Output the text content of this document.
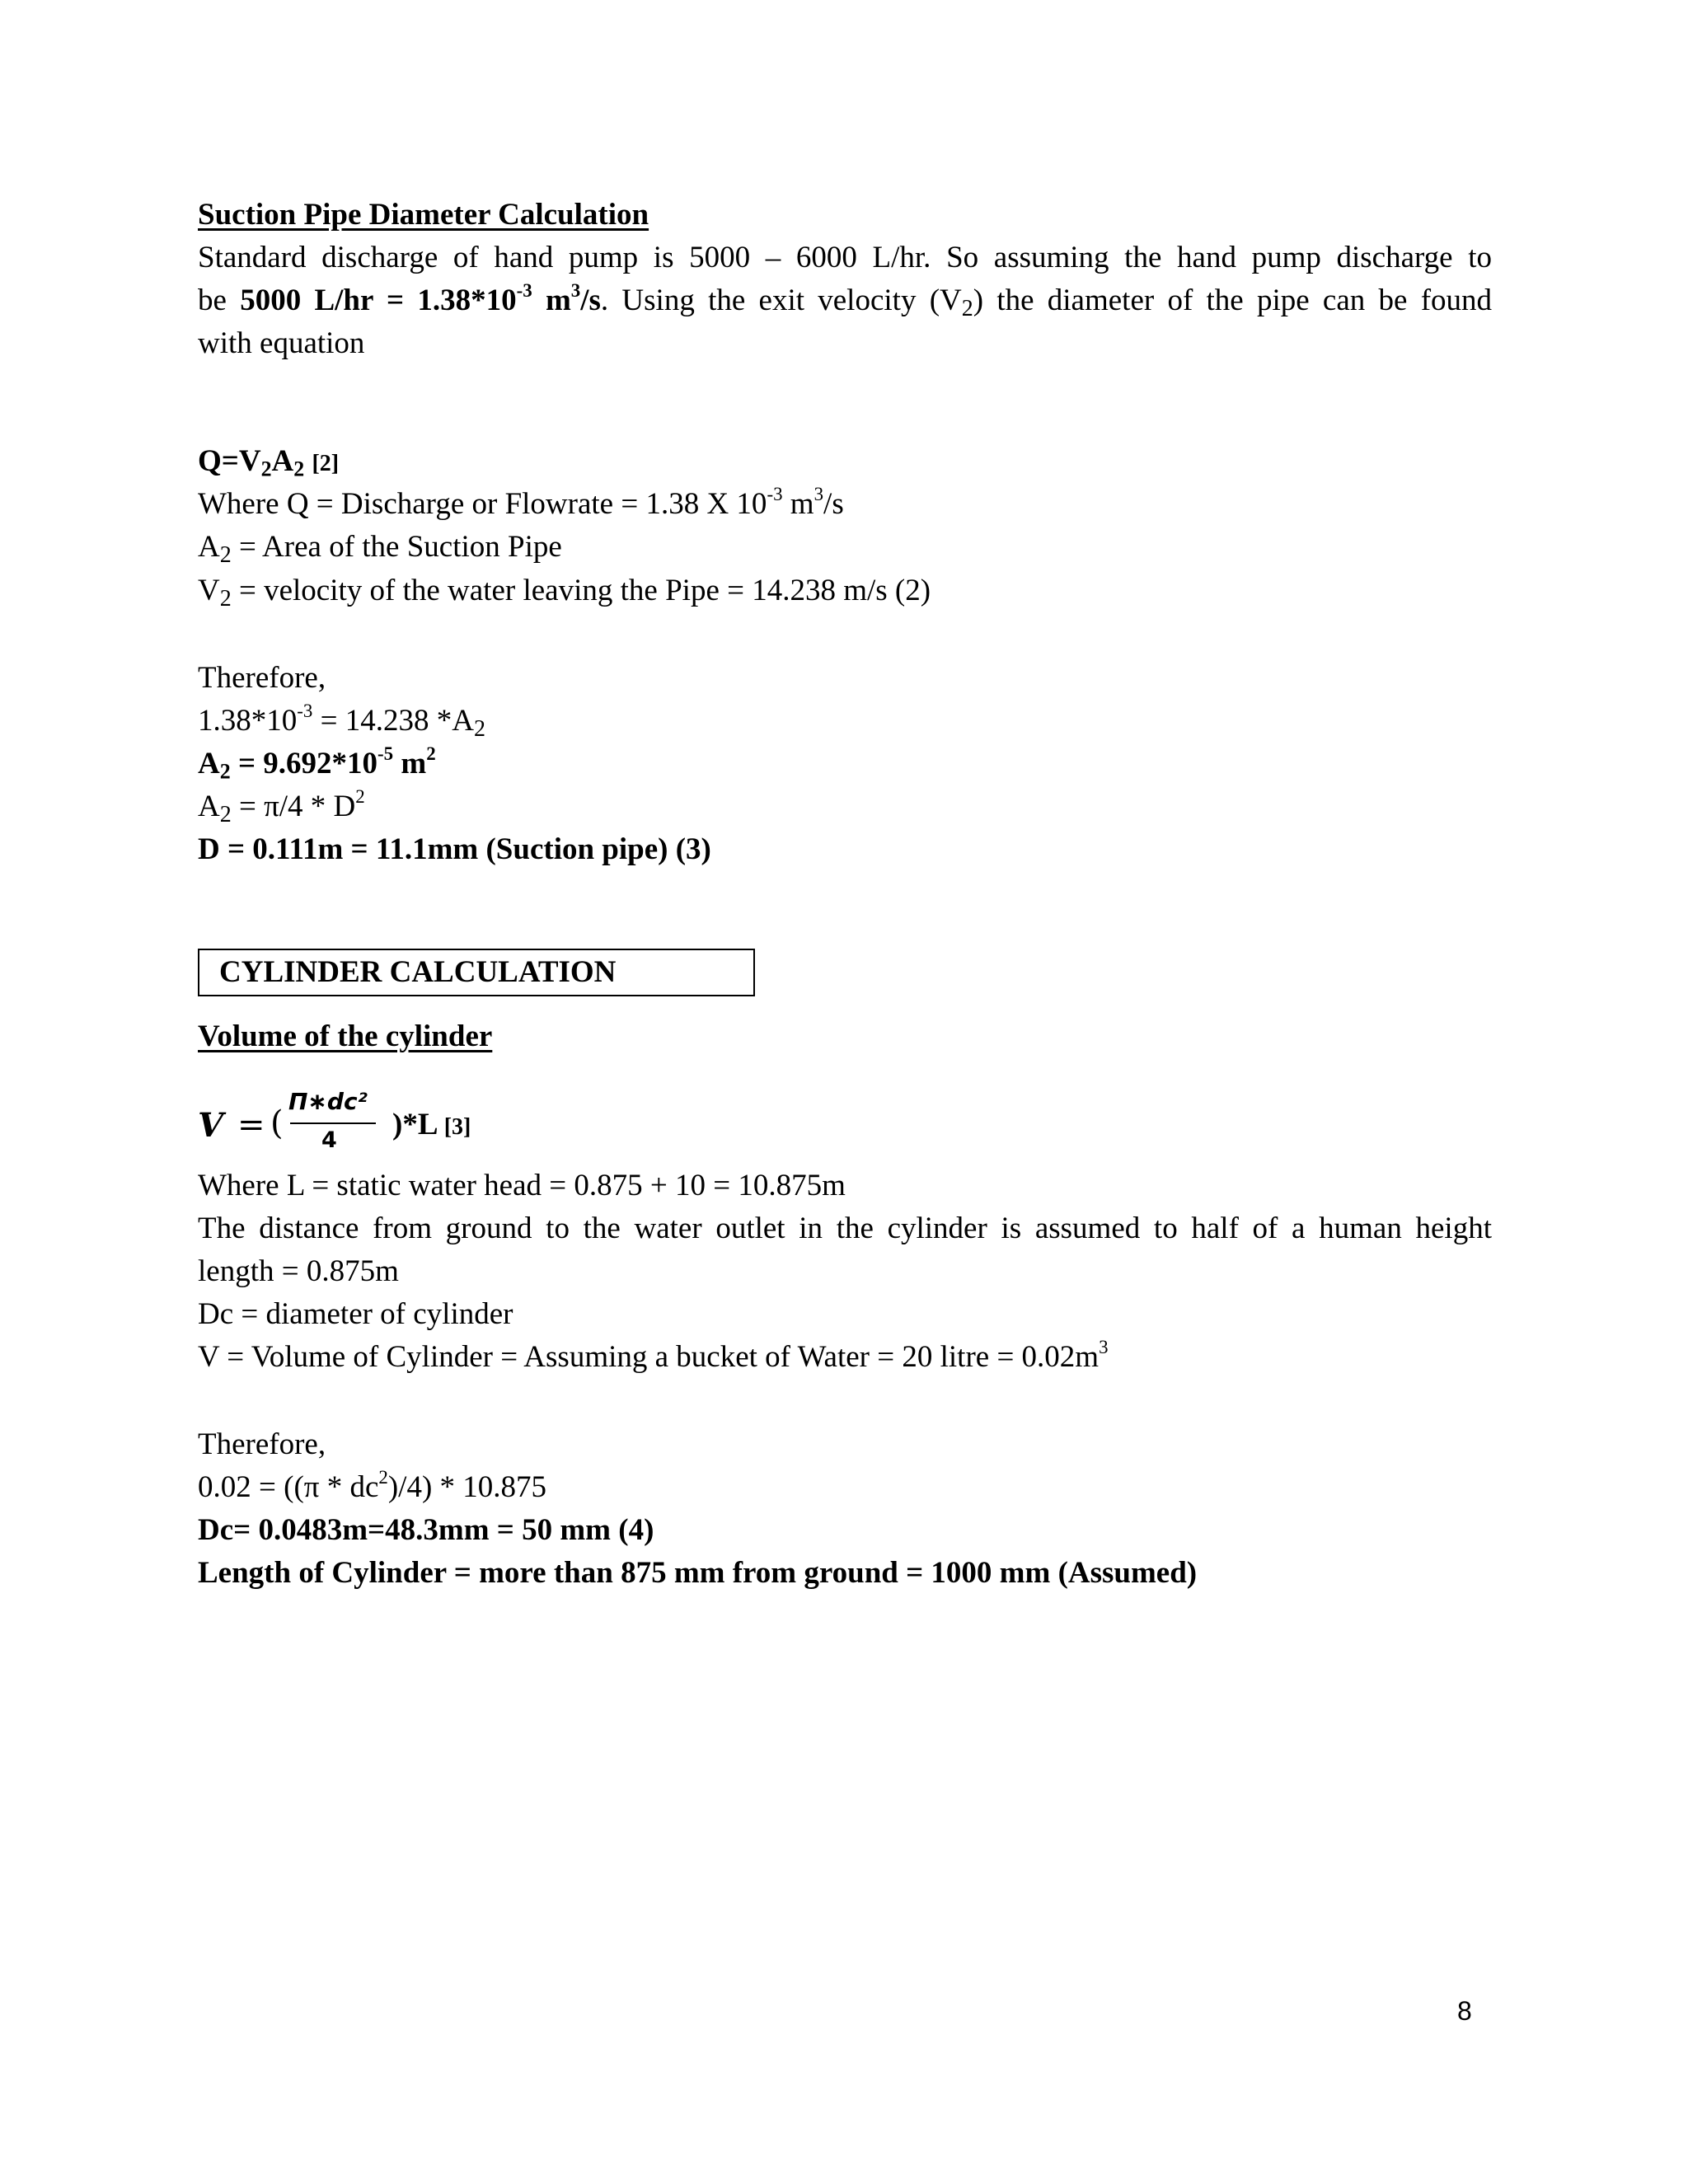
Suction Pipe Diameter Calculation

Standard discharge of hand pump is 5000 – 6000 L/hr. So assuming the hand pump discharge to

be 5000 $L/hr = 1.38*10^{-3}$ $m^3/s$. Using the exit velocity $(V_2)$ the diameter of the pipe can be found

with equation

$Q=V_2A_2$ [2]

Where Q = Discharge or Flowrate = 1.38 X $10^{-3}$ $m^3/s$

$A_2$ = Area of the Suction Pipe

$V_2$ = velocity of the water leaving the Pipe = 14.238 m/s (2)

Therefore,

$1.38*10^{-3} = 14.238$ $*A_2$

$A_2 = 9.692*10^{-5}$ $m^2$

$A_2 = \pi/4 * D^2$

D = 0.111m = 11.1mm (Suction pipe) (3)

CYLINDER CALCULATION

Volume of the cylinder

V = (
Π∗dc²
4 )*L [3]

Where L = static water head = 0.875 + 10 = 10.875m

The distance from ground to the water outlet in the cylinder is assumed to half of a human height

length = 0.875m

Dc = diameter of cylinder

V = Volume of Cylinder = Assuming a bucket of Water = 20 litre = $0.02m^3$

Therefore,

$0.02 = ((\pi * dc^2)/4) * 10.875$

Dc= 0.0483m=48.3mm = 50 mm (4)

Length of Cylinder = more than 875 mm from ground = 1000 mm (Assumed)

8
